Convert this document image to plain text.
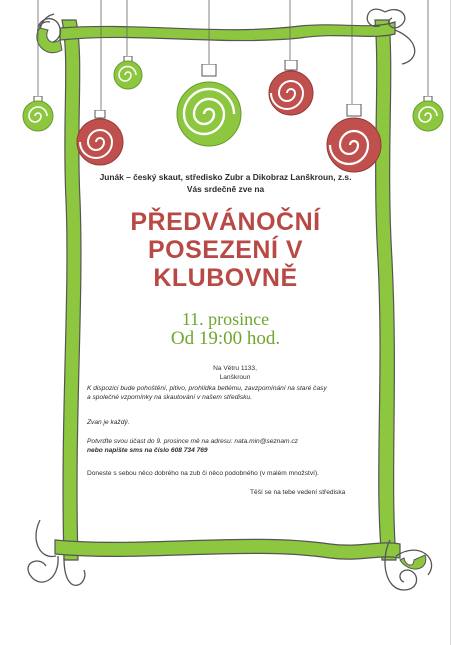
Junák – český skaut, středisko Zubr a Dikobraz Lanškroun, z.s.
Vás srdečně zve na
PŘEDVÁNOČNÍ
POSEZENÍ V
KLUBOVNĚ
11. prosince
Od 19:00 hod.
Na Větru 1133,
Lanškroun
K dispozici bude pohoštění, pitivo, prohlídka betlému, zavzpomínání na staré časy
a společné vzpomínky na skautování v našem středisku.
Zvan je každý.
Potvrďte svou účast do 9. prosince mě na adresu: nata.min@seznam.cz
nebo napište sms na číslo 608 734 769
Doneste s sebou něco dobrého na zub či něco podobného (v malém množství).
Těší se na tebe vedení střediska
